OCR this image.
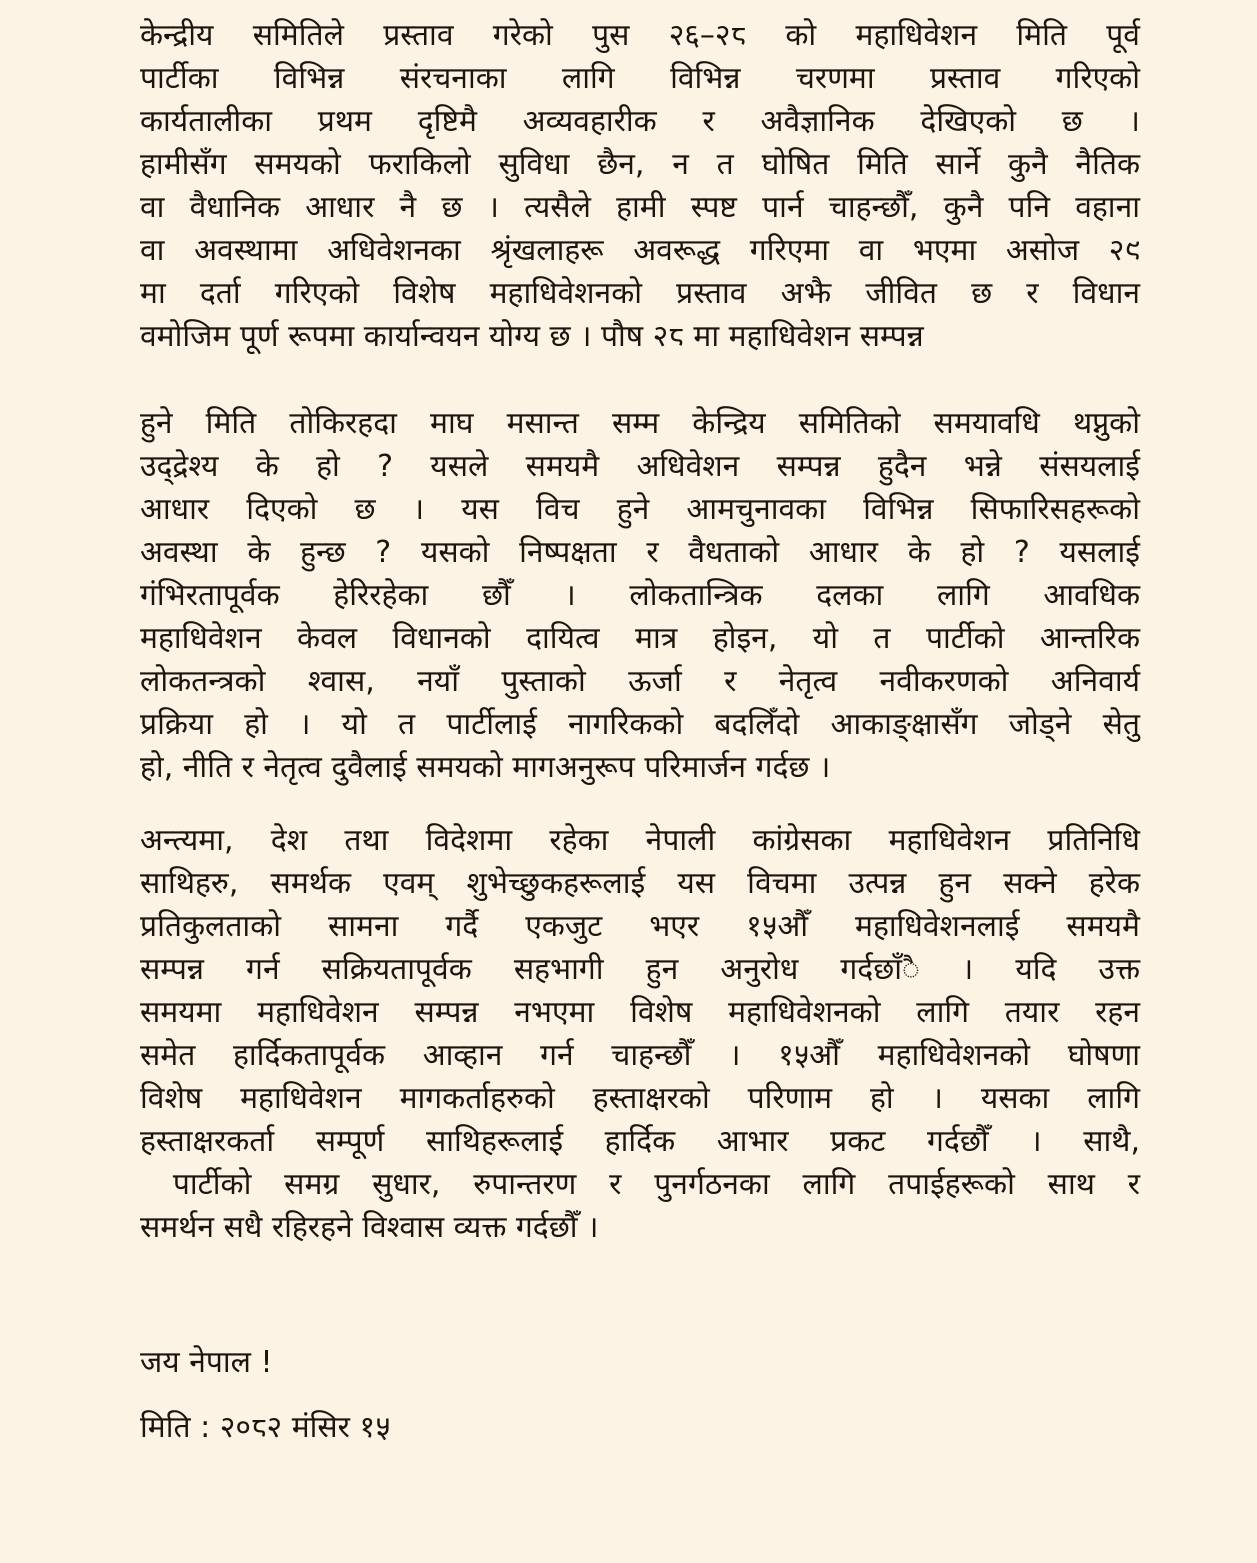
केन्द्रीय समितिले प्रस्ताव गरेको पुस २६–२८ को महाधिवेशन मिति पूर्व
पार्टीका विभिन्न संरचनाका लागि विभिन्न चरणमा प्रस्ताव गरिएको
कार्यतालीका प्रथम दृष्टिमै अव्यवहारीक र अवैज्ञानिक देखिएको छ ।
हामीसँग समयको फराकिलो सुविधा छैन, न त घोषित मिति सार्ने कुनै नैतिक
वा वैधानिक आधार नै छ । त्यसैले हामी स्पष्ट पार्न चाहन्छौँ, कुनै पनि वहाना
वा अवस्थामा अधिवेशनका श्रृंखलाहरू अवरूद्ध गरिएमा वा भएमा असोज २९
मा दर्ता गरिएको विशेष महाधिवेशनको प्रस्ताव अझै जीवित छ र विधान
वमोजिम पूर्ण रूपमा कार्यान्वयन योग्य छ । पौष २८ मा महाधिवेशन सम्पन्न
हुने मिति तोकिरहदा माघ मसान्त सम्म केन्द्रिय समितिको समयावधि थप्नुको
उद्द्रेश्य के हो ? यसले समयमै अधिवेशन सम्पन्न हुदैन भन्ने संसयलाई
आधार दिएको छ । यस विच हुने आमचुनावका विभिन्न सिफारिसहरूको
अवस्था के हुन्छ ? यसको निष्पक्षता र वैधताको आधार के हो ? यसलाई
गंभिरतापूर्वक हेरिरहेका छौँ । लोकतान्त्रिक दलका लागि आवधिक
महाधिवेशन केवल विधानको दायित्व मात्र होइन, यो त पार्टीको आन्तरिक
लोकतन्त्रको श्वास, नयाँ पुस्ताको ऊर्जा र नेतृत्व नवीकरणको अनिवार्य
प्रक्रिया हो । यो त पार्टीलाई नागरिकको बदलिँदो आकाङ्क्षासँग जोड्ने सेतु
हो, नीति र नेतृत्व दुवैलाई समयको मागअनुरूप परिमार्जन गर्दछ ।
अन्त्यमा, देश तथा विदेशमा रहेका नेपाली कांग्रेसका महाधिवेशन प्रतिनिधि
साथिहरु, समर्थक एवम् शुभेच्छुकहरूलाई यस विचमा उत्पन्न हुन सक्ने हरेक
प्रतिकुलताको सामना गर्दै एकजुट भएर १५औँ महाधिवेशनलाई समयमै
सम्पन्न गर्न सक्रियतापूर्वक सहभागी हुन अनुरोध गर्दछाँै । यदि उक्त
समयमा महाधिवेशन सम्पन्न नभएमा विशेष महाधिवेशनको लागि तयार रहन
समेत हार्दिकतापूर्वक आव्हान गर्न चाहन्छौँ । १५औँ महाधिवेशनको घोषणा
विशेष महाधिवेशन मागकर्ताहरुको हस्ताक्षरको परिणाम हो । यसका लागि
हस्ताक्षरकर्ता सम्पूर्ण साथिहरूलाई हार्दिक आभार प्रकट गर्दछौँ । साथै,
पार्टीको समग्र सुधार, रुपान्तरण र पुनर्गठनका लागि तपाईहरूको साथ र
समर्थन सधै रहिरहने विश्वास व्यक्त गर्दछौँ ।
जय नेपाल !
मिति : २०८२ मंसिर १५
